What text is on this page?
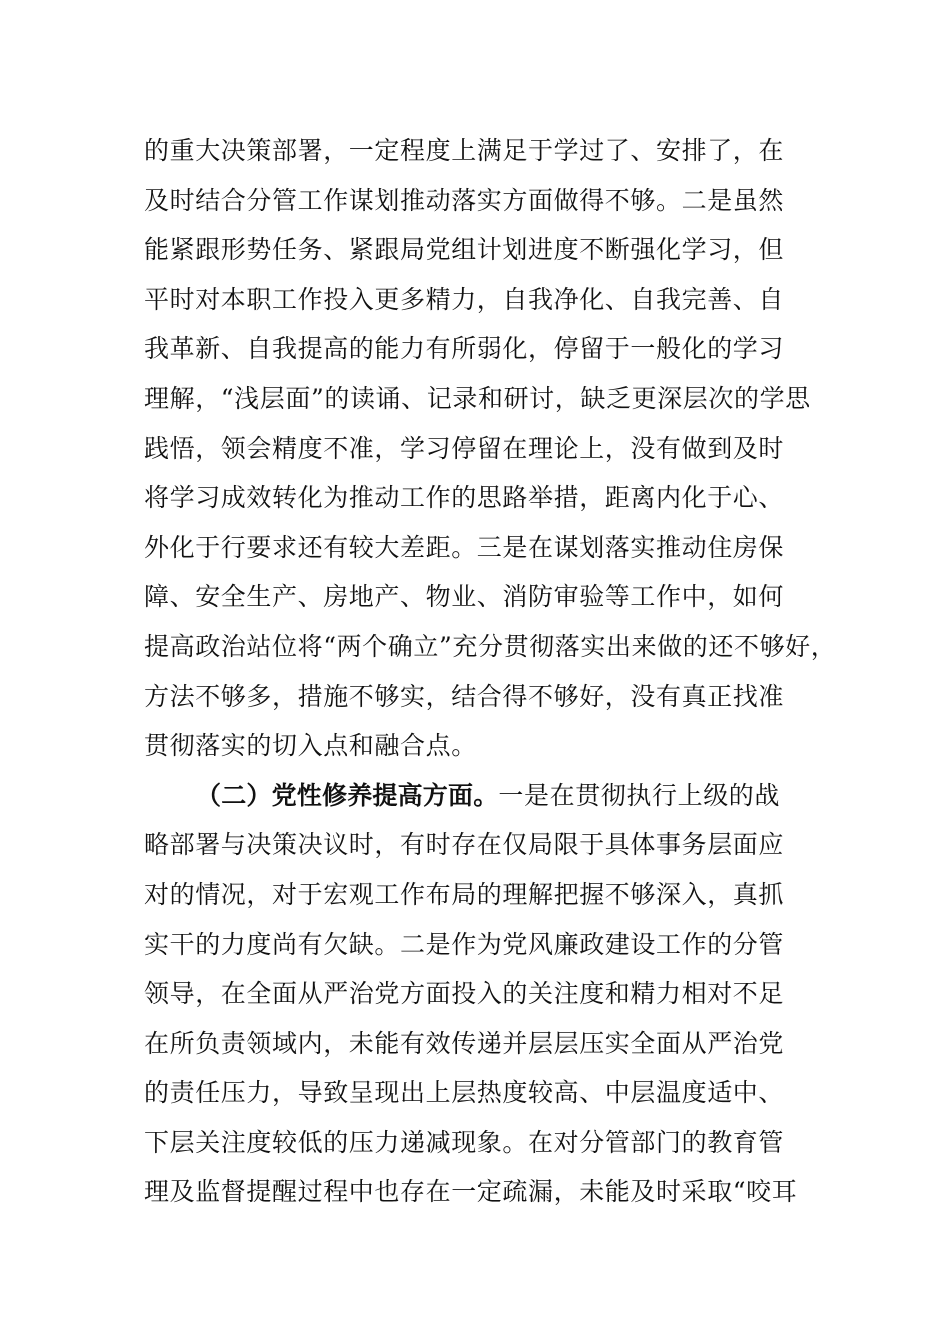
的重大决策部署，一定程度上满足于学过了、安排了，在
及时结合分管工作谋划推动落实方面做得不够。二是虽然
能紧跟形势任务、紧跟局党组计划进度不断强化学习，但
平时对本职工作投入更多精力，自我净化、自我完善、自
我革新、自我提高的能力有所弱化，停留于一般化的学习
理解，“浅层面”的读诵、记录和研讨，缺乏更深层次的学思
践悟，领会精度不准，学习停留在理论上，没有做到及时
将学习成效转化为推动工作的思路举措，距离内化于心、
外化于行要求还有较大差距。三是在谋划落实推动住房保
障、安全生产、房地产、物业、消防审验等工作中，如何
提高政治站位将“两个确立”充分贯彻落实出来做的还不够好，
方法不够多，措施不够实，结合得不够好，没有真正找准
贯彻落实的切入点和融合点。
（二）党性修养提高方面。一是在贯彻执行上级的战
略部署与决策决议时，有时存在仅局限于具体事务层面应
对的情况，对于宏观工作布局的理解把握不够深入，真抓
实干的力度尚有欠缺。二是作为党风廉政建设工作的分管
领导，在全面从严治党方面投入的关注度和精力相对不足
在所负责领域内，未能有效传递并层层压实全面从严治党
的责任压力，导致呈现出上层热度较高、中层温度适中、
下层关注度较低的压力递减现象。在对分管部门的教育管
理及监督提醒过程中也存在一定疏漏，未能及时采取“咬耳
